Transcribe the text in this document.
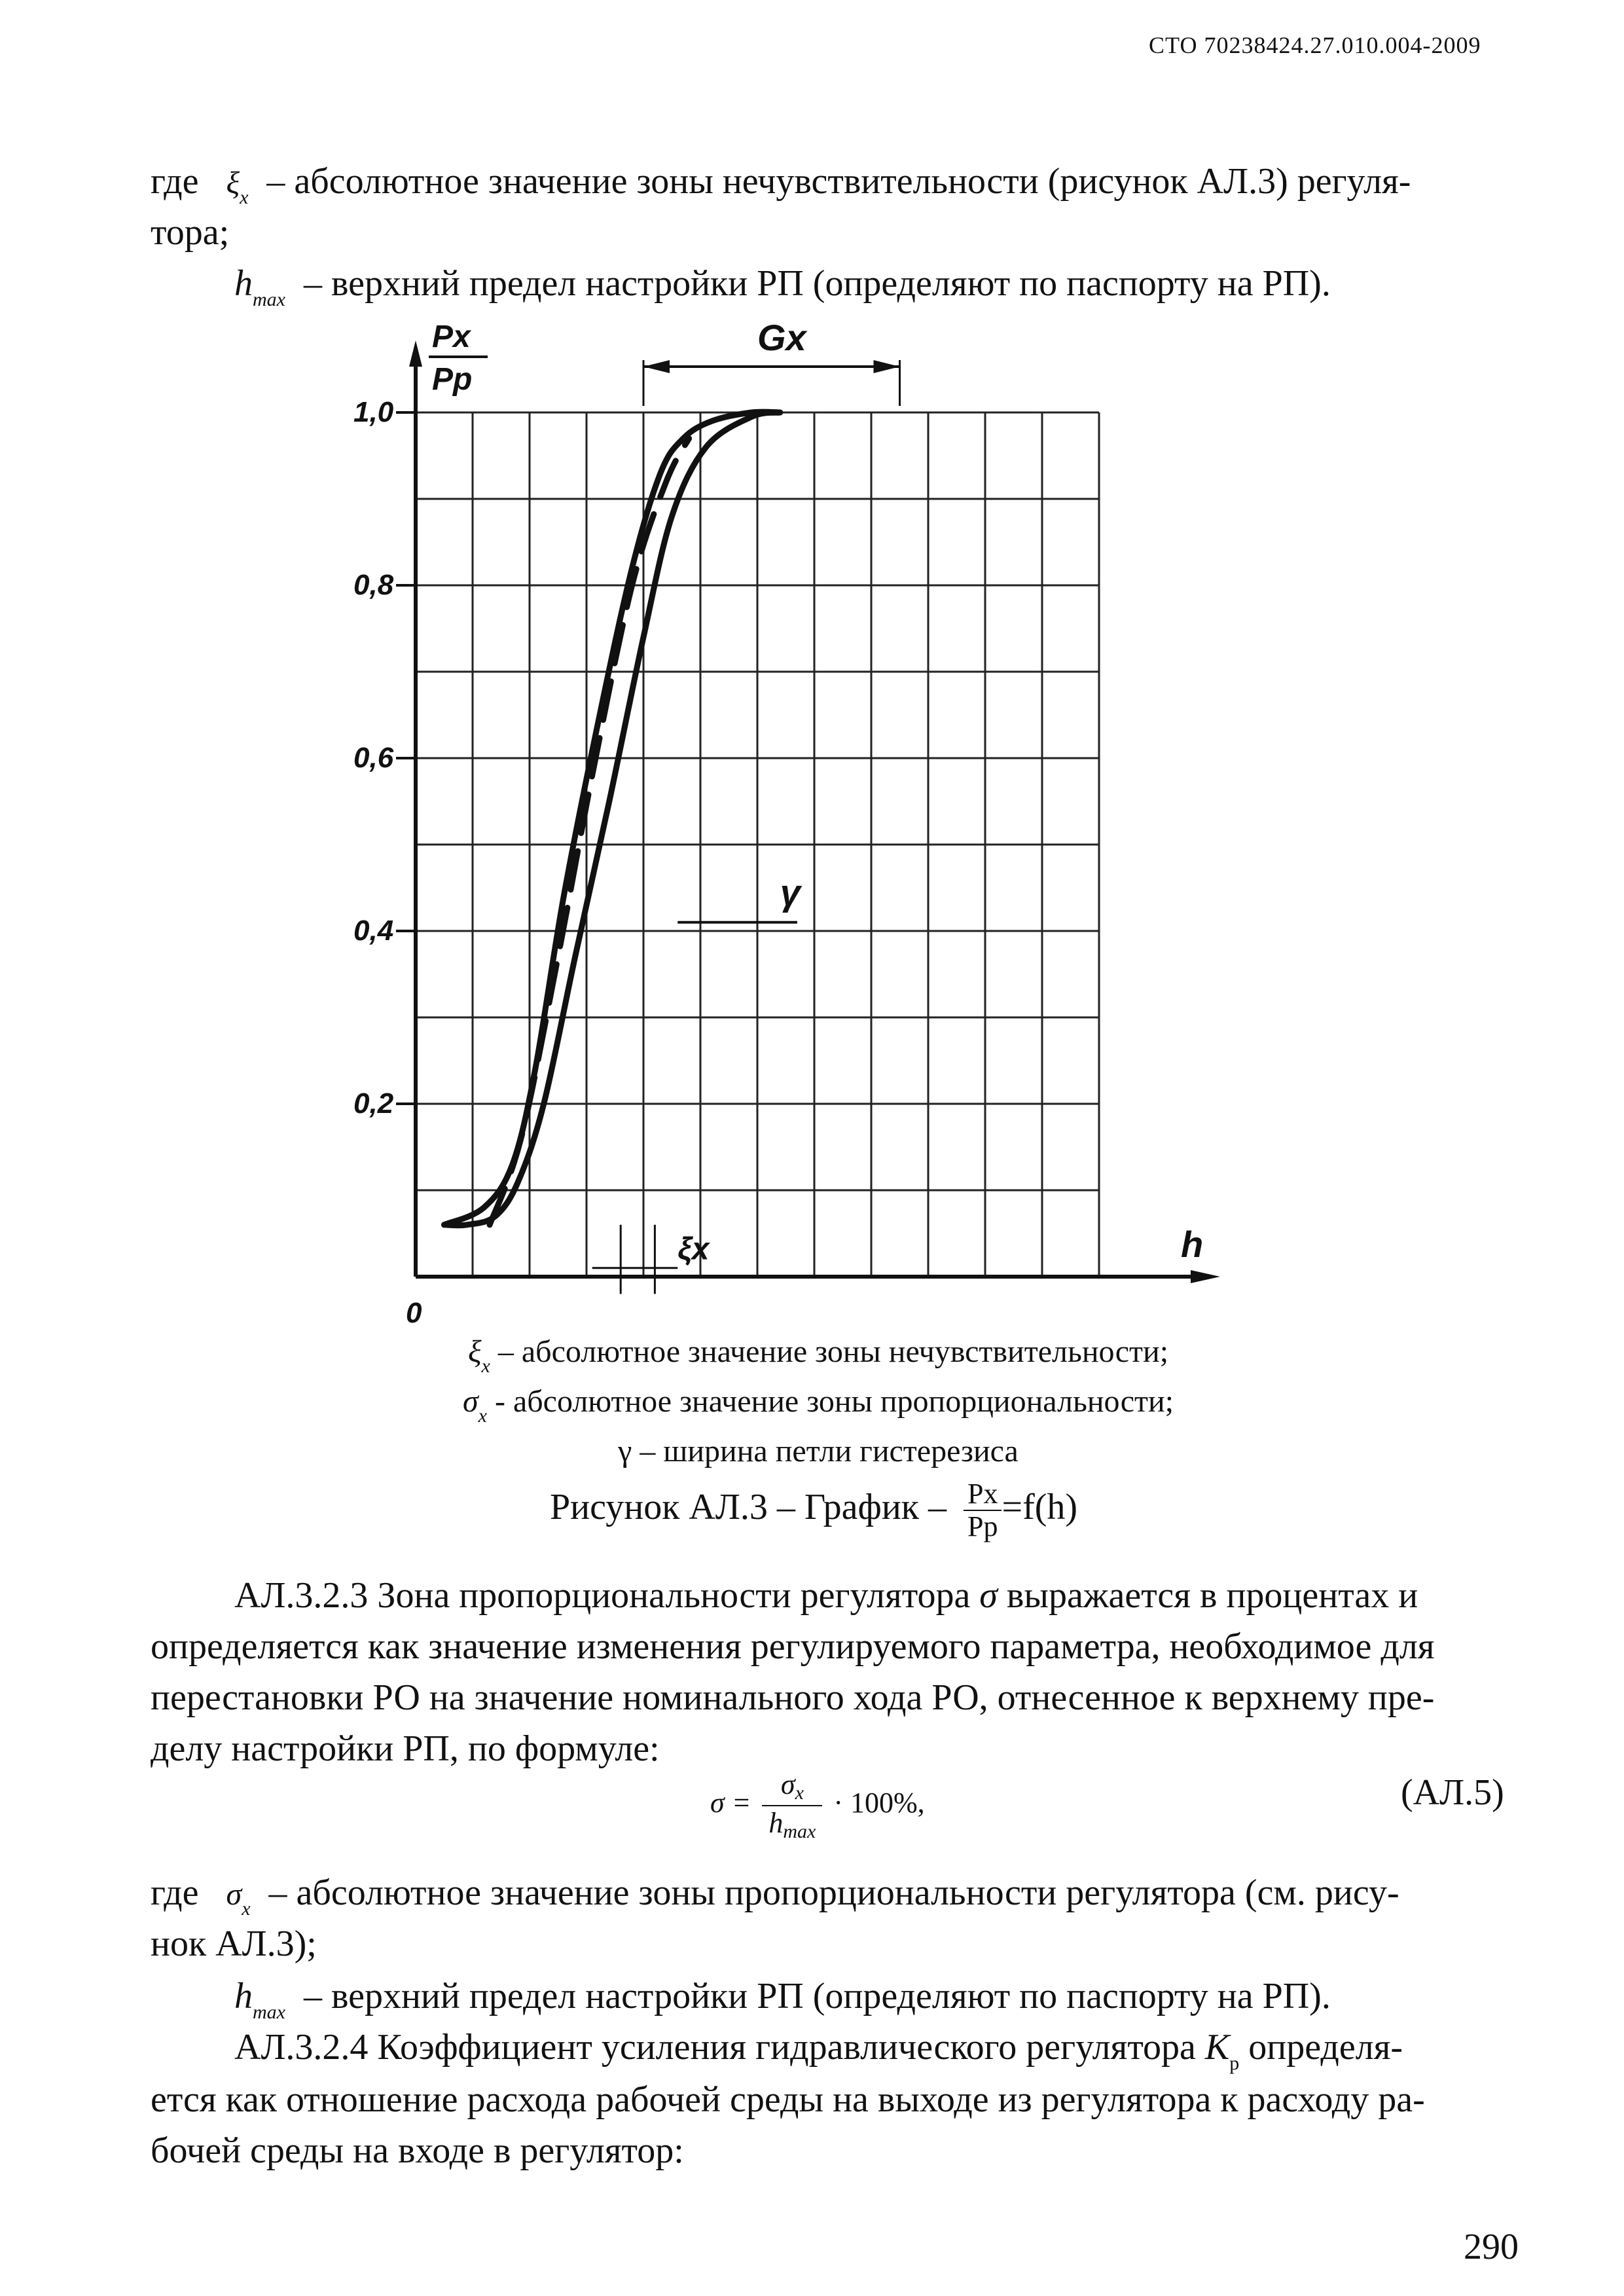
СТО 70238424.27.010.004-2009
где $\xi_x$ – абсолютное значение зоны нечувствительности (рисунок АЛ.3) регуля-
тора;
$h_{max}$ – верхний предел настройки РП (определяют по паспорту на РП).
0,2
0,4
0,6
0,8
1,0
0
h
Px
Pp
Gx
γ
ξx
$\xi_x$ – абсолютное значение зоны нечувствительности;
$\sigma_x$ - абсолютное значение зоны пропорциональности;
γ – ширина петли гистерезиса
Рисунок АЛ.3 – График – $\frac{Px}{Pp} =f(h)$
АЛ.3.2.3 Зона пропорциональности регулятора σ выражается в процентах и
определяется как значение изменения регулируемого параметра, необходимое для
перестановки РО на значение номинального хода РО, отнесенное к верхнему пре-
делу настройки РП, по формуле:
σ =
σx
hmax
· 100%,	(АЛ.5)
где $\sigma_x$ – абсолютное значение зоны пропорциональности регулятора (см. рису-
нок АЛ.3);
$h_{max}$ – верхний предел настройки РП (определяют по паспорту на РП).
АЛ.3.2.4 Коэффициент усиления гидравлического регулятора $K_р$ определя-
ется как отношение расхода рабочей среды на выходе из регулятора к расходу ра-
бочей среды на входе в регулятор:
290
